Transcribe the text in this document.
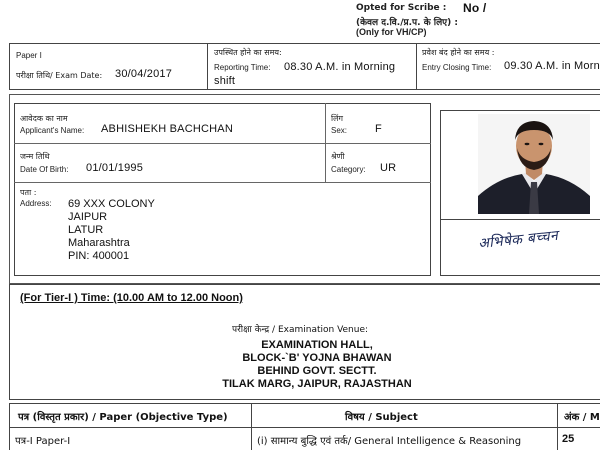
Opted for Scribe : No /
(केवल द.वि./प्र.प. के लिए) :
(Only for VH/CP)
Paper I
परीक्षा तिथि/ Exam Date: 30/04/2017
उपस्थित होने का समय:
Reporting Time:	08.30 A.M. in Morning shift
प्रवेश बंद होने का समय :
Entry Closing Time: 09.30 A.M. in Morn
आवेदक का नाम
Applicant's Name: ABHISHEKH BACHCHAN
लिंग
Sex:	F
जन्म तिथि
Date Of Birth: 01/01/1995
श्रेणी
Category: UR
पता :
Address: 69 XXX COLONY
JAIPUR
LATUR
Maharashtra
PIN: 400001
अभिषेक बच्चन
(For Tier-I ) Time: (10.00 AM to 12.00 Noon)
परीक्षा केन्द्र / Examination Venue:
EXAMINATION HALL,
BLOCK-`B' YOJNA BHAWAN
BEHIND GOVT. SECTT.
TILAK MARG, JAIPUR, RAJASTHAN
पत्र (विस्तृत प्रकार) / Paper (Objective Type)	विषय / Subject	अंक / M
पत्र-I Paper-I	(i) सामान्य बुद्धि एवं तर्क/ General Intelligence & Reasoning	25
